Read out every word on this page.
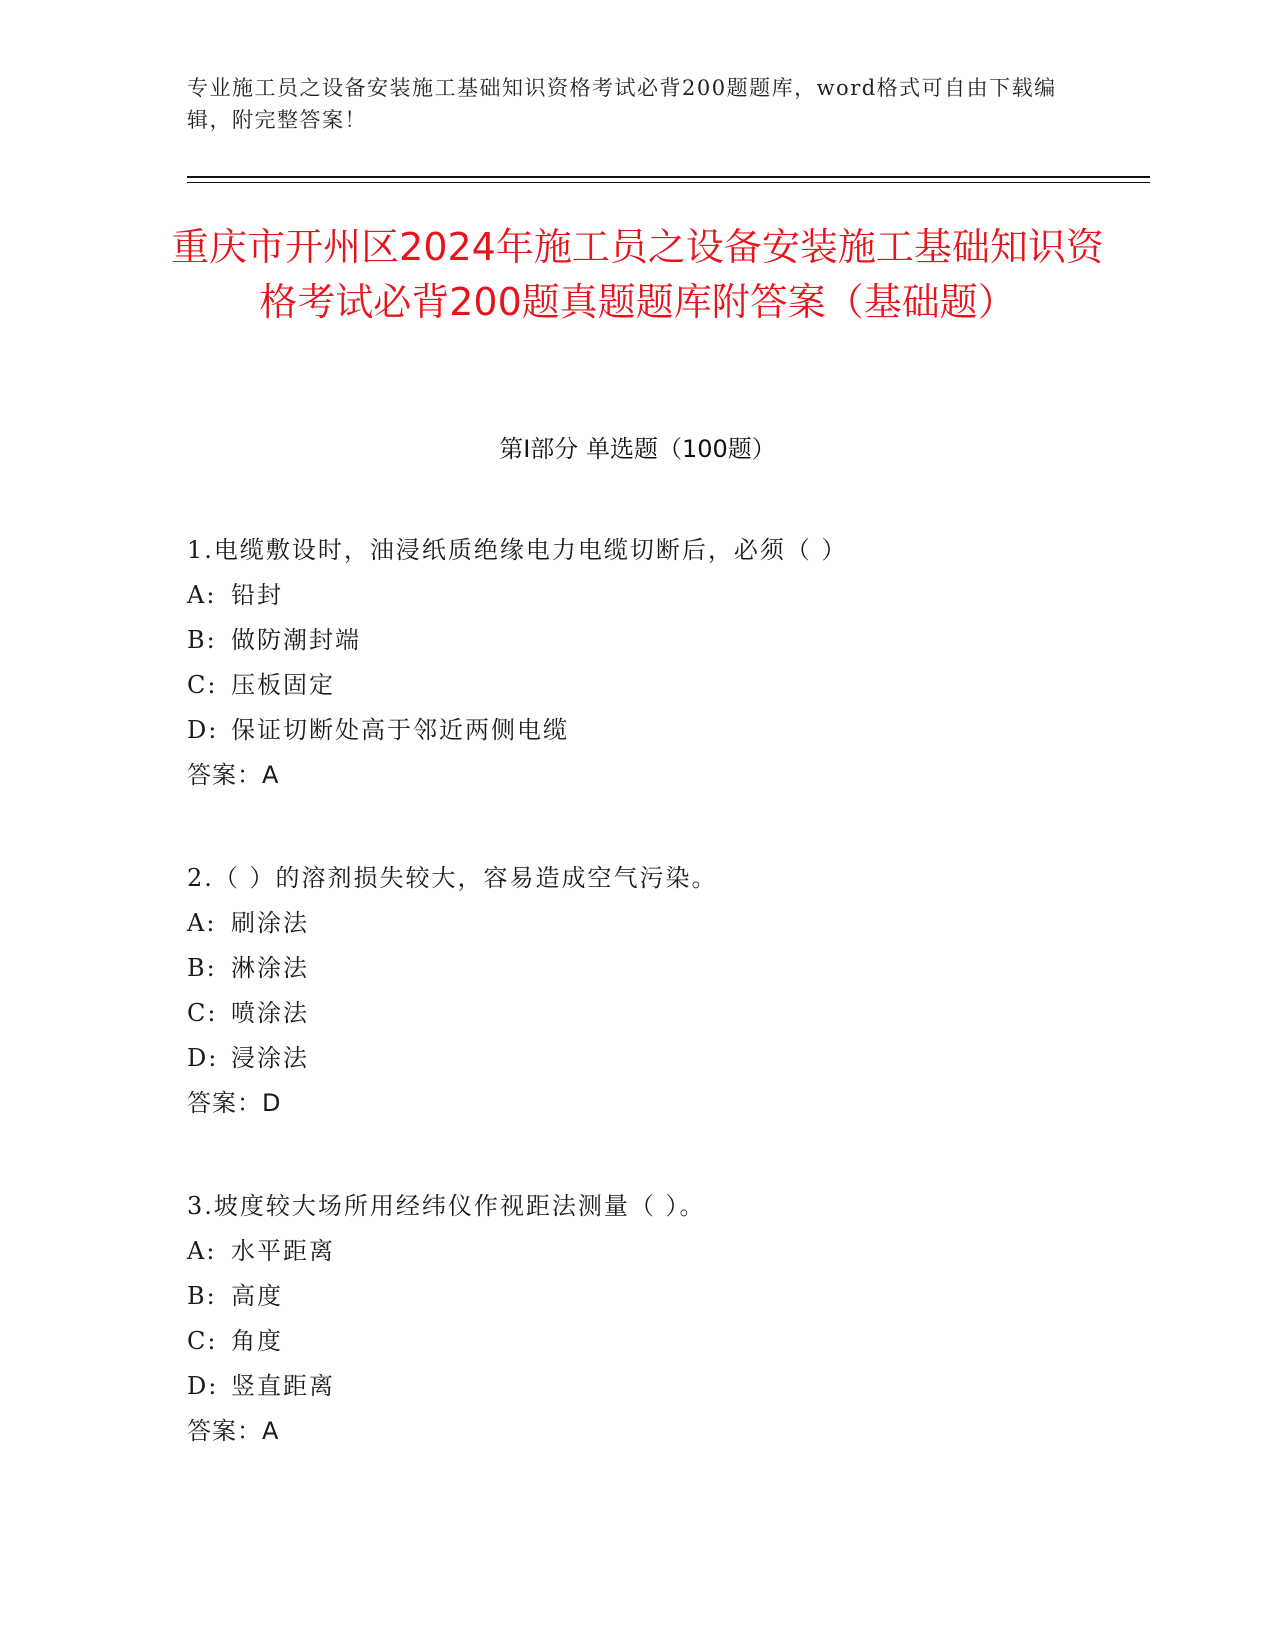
专业施工员之设备安装施工基础知识资格考试必背200题题库，word格式可自由下载编辑，附完整答案！
重庆市开州区2024年施工员之设备安装施工基础知识资格考试必背200题真题题库附答案（基础题）
第I部分 单选题（100题）
1.电缆敷设时，油浸纸质绝缘电力电缆切断后，必须（ ）
A: 铅封
B: 做防潮封端
C: 压板固定
D: 保证切断处高于邻近两侧电缆
答案：A
2.（ ）的溶剂损失较大，容易造成空气污染。
A: 刷涂法
B: 淋涂法
C: 喷涂法
D: 浸涂法
答案：D
3.坡度较大场所用经纬仪作视距法测量（ ）。
A: 水平距离
B: 高度
C: 角度
D: 竖直距离
答案：A
